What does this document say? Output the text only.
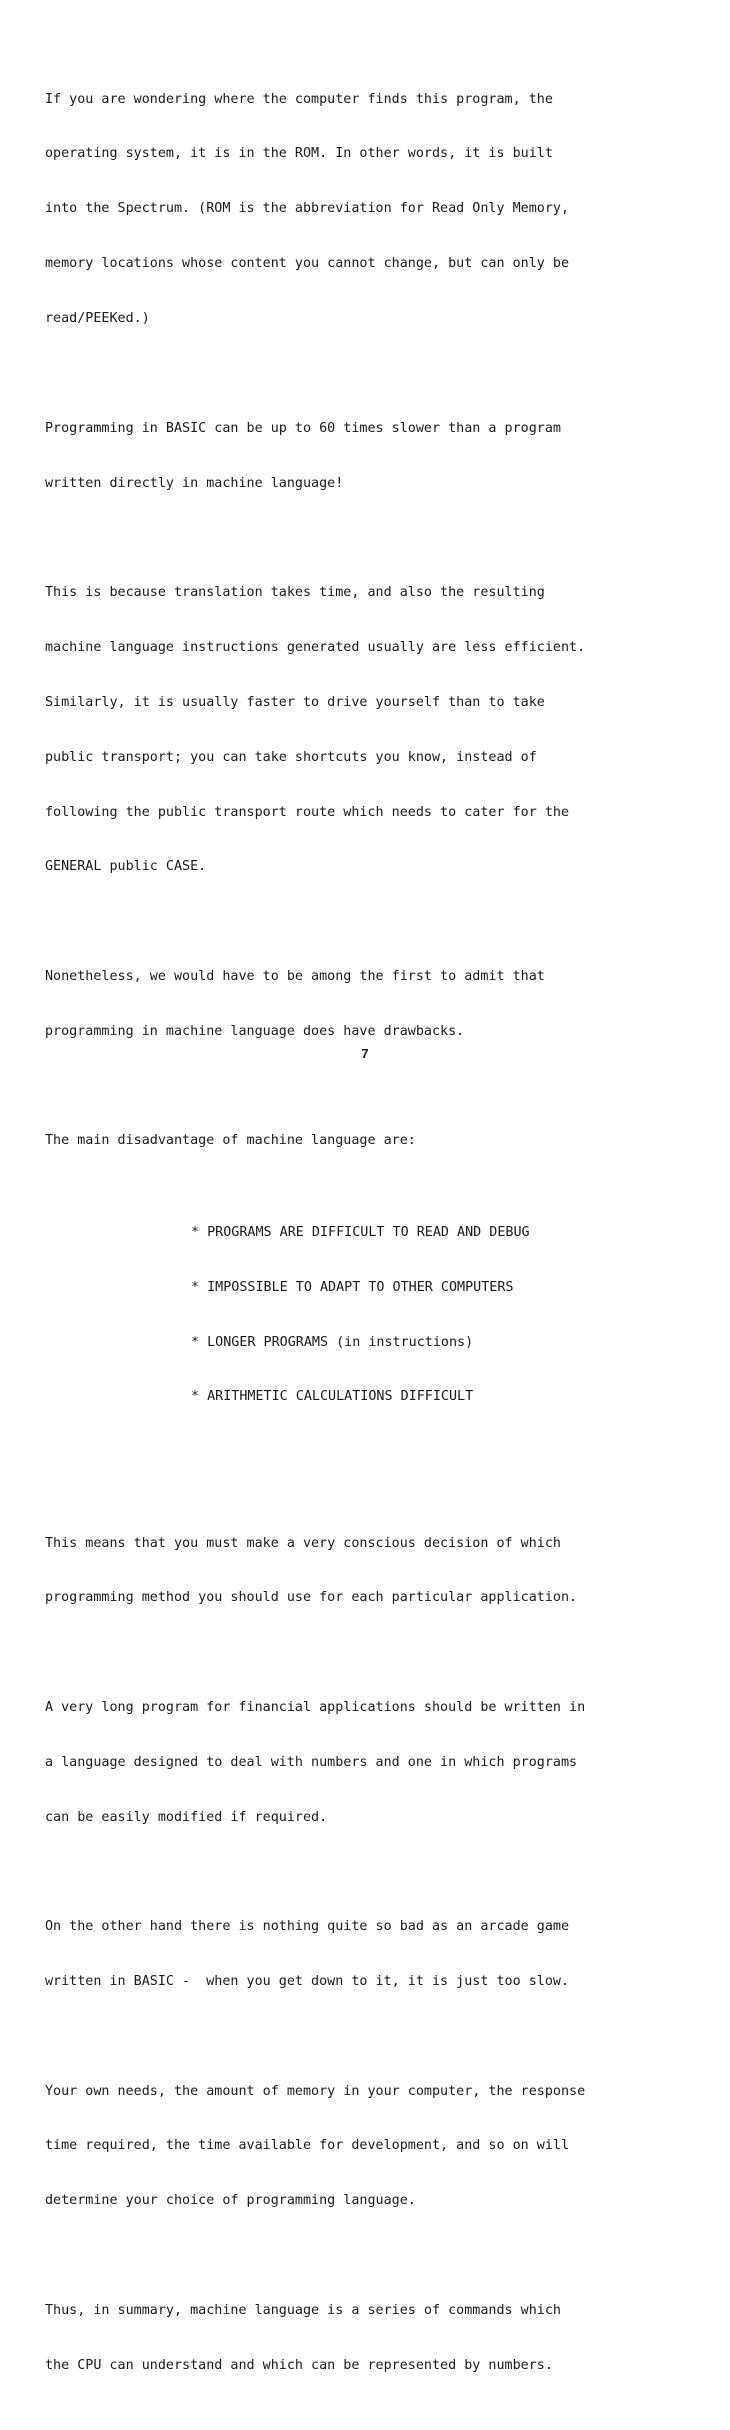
If you are wondering where the computer finds this program, the

operating system, it is in the ROM. In other words, it is built

into the Spectrum. (ROM is the abbreviation for Read Only Memory,

memory locations whose content you cannot change, but can only be

read/PEEKed.)

Programming in BASIC can be up to 60 times slower than a program

written directly in machine language!

This is because translation takes time, and also the resulting

machine language instructions generated usually are less efficient.

Similarly, it is usually faster to drive yourself than to take

public transport; you can take shortcuts you know, instead of

following the public transport route which needs to cater for the

GENERAL public CASE.

Nonetheless, we would have to be among the first to admit that

programming in machine language does have drawbacks.

The main disadvantage of machine language are:

* PROGRAMS ARE DIFFICULT TO READ AND DEBUG

* IMPOSSIBLE TO ADAPT TO OTHER COMPUTERS

* LONGER PROGRAMS (in instructions)

* ARITHMETIC CALCULATIONS DIFFICULT

This means that you must make a very conscious decision of which

programming method you should use for each particular application.

A very long program for financial applications should be written in

a language designed to deal with numbers and one in which programs

can be easily modified if required.

On the other hand there is nothing quite so bad as an arcade game

written in BASIC -  when you get down to it, it is just too slow.

Your own needs, the amount of memory in your computer, the response

time required, the time available for development, and so on will

determine your choice of programming language.

Thus, in summary, machine language is a series of commands which

the CPU can understand and which can be represented by numbers.

7
